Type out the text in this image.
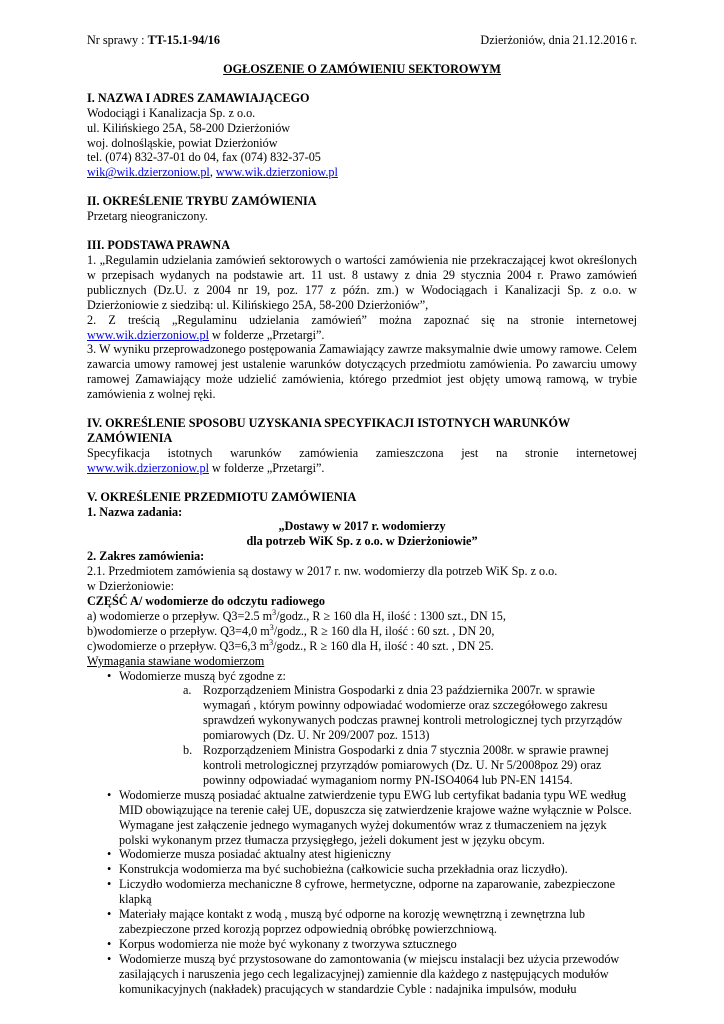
Nr sprawy : TT-15.1-94/16	Dzierżoniów, dnia 21.12.2016 r.
OGŁOSZENIE O ZAMÓWIENIU SEKTOROWYM
I. NAZWA I ADRES ZAMAWIAJĄCEGO
Wodociągi i Kanalizacja Sp. z o.o.
ul. Kilińskiego 25A, 58-200 Dzierżoniów
woj. dolnośląskie, powiat Dzierżoniów
tel. (074) 832-37-01 do 04, fax (074) 832-37-05
wik@wik.dzierzoniow.pl, www.wik.dzierzoniow.pl
II. OKREŚLENIE TRYBU ZAMÓWIENIA
Przetarg nieograniczony.
III. PODSTAWA PRAWNA
1. „Regulamin udzielania zamówień sektorowych o wartości zamówienia nie przekraczającej kwot określonych w przepisach wydanych na podstawie art. 11 ust. 8 ustawy z dnia 29 stycznia 2004 r. Prawo zamówień publicznych (Dz.U. z 2004 nr 19, poz. 177 z późn. zm.) w Wodociągach i Kanalizacji Sp. z o.o. w Dzierżoniowie z siedzibą: ul. Kilińskiego 25A, 58-200 Dzierżoniów”,
2. Z treścią „Regulaminu udzielania zamówień” można zapoznać się na stronie internetowej www.wik.dzierzoniow.pl w folderze „Przetargi”.
3. W wyniku przeprowadzonego postępowania Zamawiający zawrze maksymalnie dwie umowy ramowe. Celem zawarcia umowy ramowej jest ustalenie warunków dotyczących przedmiotu zamówienia. Po zawarciu umowy ramowej Zamawiający może udzielić zamówienia, którego przedmiot jest objęty umową ramową, w trybie zamówienia z wolnej ręki.
IV. OKREŚLENIE SPOSOBU UZYSKANIA SPECYFIKACJI ISTOTNYCH WARUNKÓW ZAMÓWIENIA
Specyfikacja istotnych warunków zamówienia zamieszczona jest na stronie internetowej www.wik.dzierzoniow.pl w folderze „Przetargi”.
V. OKREŚLENIE PRZEDMIOTU ZAMÓWIENIA
1. Nazwa zadania:
„Dostawy w 2017 r. wodomierzy
dla potrzeb WiK Sp. z o.o. w Dzierżoniowie”
2. Zakres zamówienia:
2.1. Przedmiotem zamówienia są dostawy w 2017 r. nw. wodomierzy dla potrzeb WiK Sp. z o.o.
w Dzierżoniowie:
CZĘŚĆ A/ wodomierze do odczytu radiowego
a) wodomierze o przepływ. Q3=2.5 $m^3$/godz., R ≥ 160 dla H, ilość : 1300 szt., DN 15,
b)wodomierze o przepływ. Q3=4,0 $m^3$/godz., R ≥ 160 dla H, ilość : 60 szt. , DN 20,
c)wodomierze o przepływ. Q3=6,3 $m^3$/godz., R ≥ 160 dla H, ilość : 40 szt. , DN 25.
Wymagania stawiane wodomierzom
• Wodomierze muszą być zgodne z:
a. Rozporządzeniem Ministra Gospodarki z dnia 23 października 2007r. w sprawie wymagań , którym powinny odpowiadać wodomierze oraz szczegółowego zakresu sprawdzeń wykonywanych podczas prawnej kontroli metrologicznej tych przyrządów pomiarowych (Dz. U. Nr 209/2007 poz. 1513)
b. Rozporządzeniem Ministra Gospodarki z dnia 7 stycznia 2008r. w sprawie prawnej kontroli metrologicznej przyrządów pomiarowych (Dz. U. Nr 5/2008poz 29) oraz powinny odpowiadać wymaganiom normy PN-ISO4064 lub PN-EN 14154.
• Wodomierze muszą posiadać aktualne zatwierdzenie typu EWG lub certyfikat badania typu WE według MID obowiązujące na terenie całej UE, dopuszcza się zatwierdzenie krajowe ważne wyłącznie w Polsce. Wymagane jest załączenie jednego wymaganych wyżej dokumentów wraz z tłumaczeniem na język polski wykonanym przez tłumacza przysięgłego, jeżeli dokument jest w języku obcym.
• Wodomierze musza posiadać aktualny atest higieniczny
• Konstrukcja wodomierza ma być suchobieżna (całkowicie sucha przekładnia oraz liczydło).
• Liczydło wodomierza mechaniczne 8 cyfrowe, hermetyczne, odporne na zaparowanie, zabezpieczone klapką
• Materiały mające kontakt z wodą , muszą być odporne na korozję wewnętrzną i zewnętrzna lub zabezpieczone przed korozją poprzez odpowiednią obróbkę powierzchniową.
• Korpus wodomierza nie może być wykonany z tworzywa sztucznego
• Wodomierze muszą być przystosowane do zamontowania (w miejscu instalacji bez użycia przewodów zasilających i naruszenia jego cech legalizacyjnej) zamiennie dla każdego z następujących modułów komunikacyjnych (nakładek) pracujących w standardzie Cyble : nadajnika impulsów, modułu
